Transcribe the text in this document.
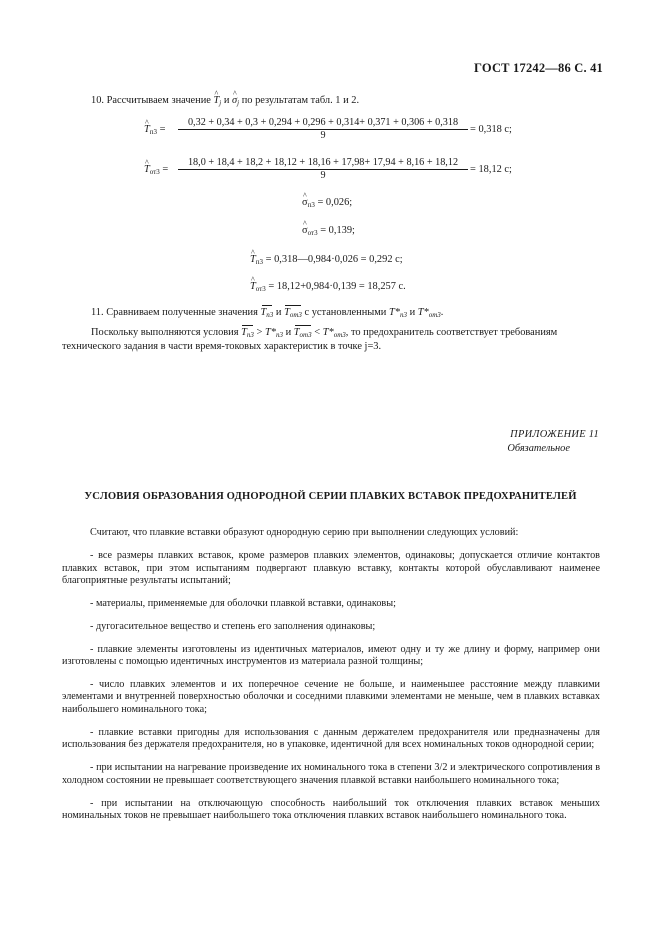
ГОСТ 17242—86 С. 41
10. Рассчитываем значение ^ $T_j$ и ^ $\sigma_j$ по результатам табл. 1 и 2.
^ $T_{п3}$ =
0,32 + 0,34 + 0,3 + 0,294 + 0,296 + 0,314+ 0,371 + 0,306 + 0,318
9
= 0,318 с;
^ $T_{от3}$ =
18,0 + 18,4 + 18,2 + 18,12 + 18,16 + 17,98+ 17,94 + 8,16 + 18,12
9
= 18,12 с;
^ $\sigma_{п3} = 0,026$;
^ $\sigma_{от3} = 0,139$;
^ $T_{п3}$ = 0,318—0,984·0,026 = 0,292 с;
^ $T_{от3} = 18,12+0,984\cdot 0,139 = 18,257$ с.
11. Сравниваем полученные значения $T_{п3}$ и $T_{от3}$ с установленными $T*_{п3}$ и $T*_{от3}$.
Поскольку выполняются условия $T_{п3} > T*_{п3}$ и $T_{от3} < T*_{от3}$, то предохранитель соответствует требованиям
технического задания в части время-токовых характеристик в точке j=3.
ПРИЛОЖЕНИЕ 11
Обязательное
УСЛОВИЯ ОБРАЗОВАНИЯ ОДНОРОДНОЙ СЕРИИ ПЛАВКИХ ВСТАВОК ПРЕДОХРАНИТЕЛЕЙ

Считают, что плавкие вставки образуют однородную серию при выполнении следующих условий:

- все размеры плавких вставок, кроме размеров плавких элементов, одинаковы; допускается отличие контактов плавких вставок, при этом испытаниям подвергают плавкую вставку, контакты которой обуславливают наименее благоприятные результаты испытаний;

- материалы, применяемые для оболочки плавкой вставки, одинаковы;

- дугогасительное вещество и степень его заполнения одинаковы;

- плавкие элементы изготовлены из идентичных материалов, имеют одну и ту же длину и форму, например они изготовлены с помощью идентичных инструментов из материала разной толщины;

- число плавких элементов и их поперечное сечение не больше, и наименьшее расстояние между плавкими элементами и внутренней поверхностью оболочки и соседними плавкими элементами не меньше, чем в плавких вставках наибольшего номинального тока;

- плавкие вставки пригодны для использования с данным держателем предохранителя или предназначены для использования без держателя предохранителя, но в упаковке, идентичной для всех номинальных токов однородной серии;

- при испытании на нагревание произведение их номинального тока в степени 3/2 и электрического сопротивления в холодном состоянии не превышает соответствующего значения плавкой вставки наибольшего номинального тока;

- при испытании на отключающую способность наибольший ток отключения плавких вставок меньших номинальных токов не превышает наибольшего тока отключения плавких вставок наибольшего номинального тока.
